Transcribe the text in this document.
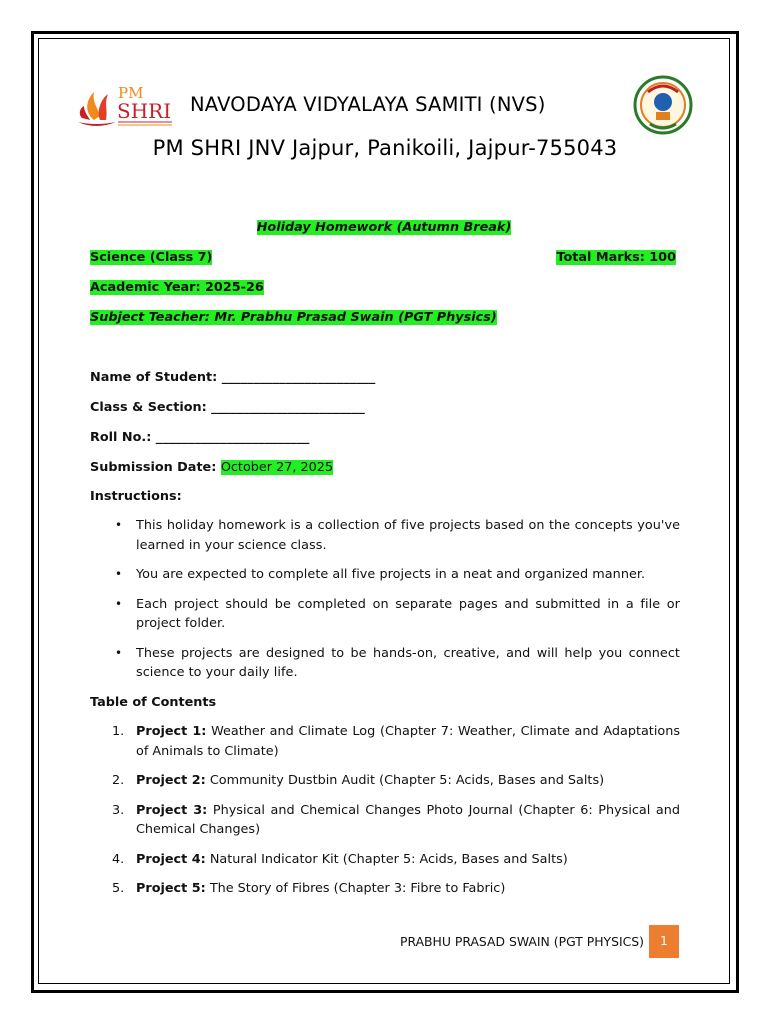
PM
SHRI NAVODAYA VIDYALAYA SAMITI (NVS)
PM SHRI JNV Jajpur, Panikoili, Jajpur-755043
Holiday Homework (Autumn Break)
Science (Class 7)	Total Marks: 100
Academic Year: 2025-26
Subject Teacher: Mr. Prabhu Prasad Swain (PGT Physics)
Name of Student: ________________________
Class & Section: ________________________
Roll No.: ________________________
Submission Date: October 27, 2025
Instructions:
• This holiday homework is a collection of five projects based on the concepts you've learned in your science class.
• You are expected to complete all five projects in a neat and organized manner.
• Each project should be completed on separate pages and submitted in a file or project folder.
• These projects are designed to be hands-on, creative, and will help you connect science to your daily life.
Table of Contents
1. Project 1: Weather and Climate Log (Chapter 7: Weather, Climate and Adaptations of Animals to Climate)
2. Project 2: Community Dustbin Audit (Chapter 5: Acids, Bases and Salts)
3. Project 3: Physical and Chemical Changes Photo Journal (Chapter 6: Physical and Chemical Changes)
4. Project 4: Natural Indicator Kit (Chapter 5: Acids, Bases and Salts)
5. Project 5: The Story of Fibres (Chapter 3: Fibre to Fabric)
PRABHU PRASAD SWAIN (PGT PHYSICS)	1
